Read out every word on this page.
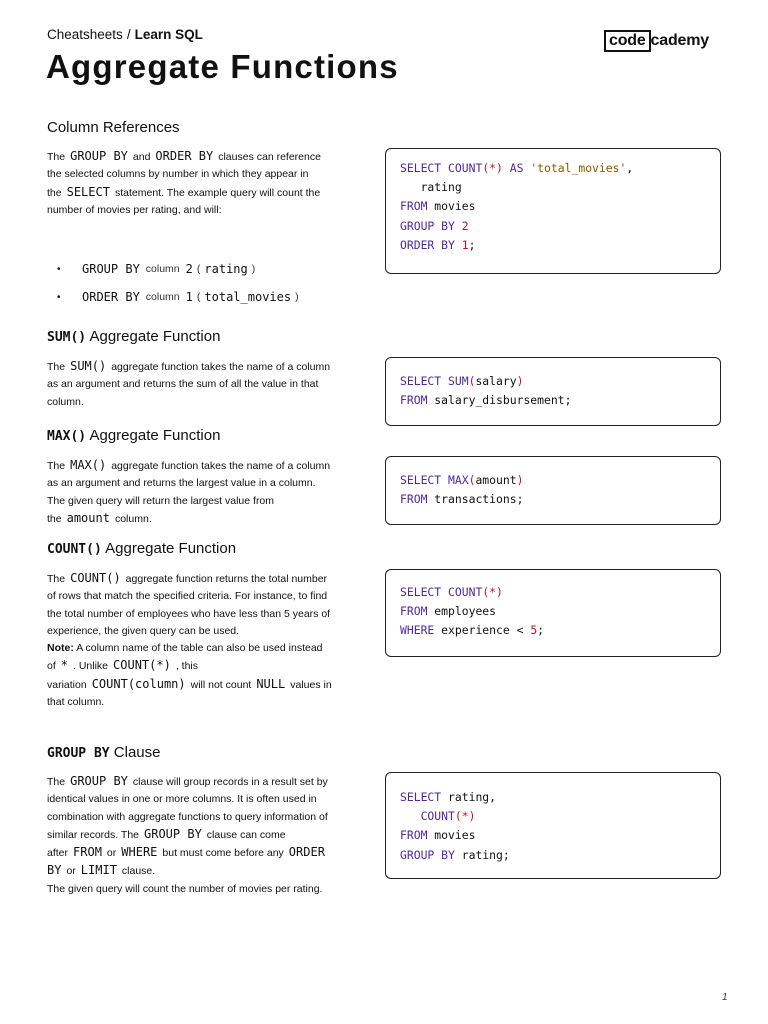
Cheatsheets / Learn SQL	code cademy
Aggregate Functions
Column References

The GROUP BY and ORDER BY clauses can reference the selected columns by number in which they appear in the SELECT statement. The example query will count the number of movies per rating, and will:

•	GROUP BY column 2 ( rating )
•	ORDER BY column 1 ( total_movies )
SELECT COUNT(*) AS 'total_movies',
rating
FROM movies
GROUP BY 2
ORDER BY 1;
SUM() Aggregate Function

The SUM() aggregate function takes the name of a column as an argument and returns the sum of all the value in that column.

SELECT SUM(salary)
FROM salary_disbursement;
MAX() Aggregate Function

The MAX() aggregate function takes the name of a column as an argument and returns the largest value in a column. The given query will return the largest value from the amount column.

SELECT MAX(amount)
FROM transactions;
COUNT() Aggregate Function

The COUNT() aggregate function returns the total number of rows that match the specified criteria. For instance, to find the total number of employees who have less than 5 years of experience, the given query can be used.
Note: A column name of the table can also be used instead of * . Unlike COUNT(*) , this variation COUNT(column) will not count NULL values in that column.

SELECT COUNT(*)
FROM employees
WHERE experience < 5;
GROUP BY Clause

The GROUP BY clause will group records in a result set by identical values in one or more columns. It is often used in combination with aggregate functions to query information of similar records. The GROUP BY clause can come after FROM or WHERE but must come before any ORDER BY or LIMIT clause.
The given query will count the number of movies per rating.

SELECT rating,
COUNT(*)
FROM movies
GROUP BY rating;
1
